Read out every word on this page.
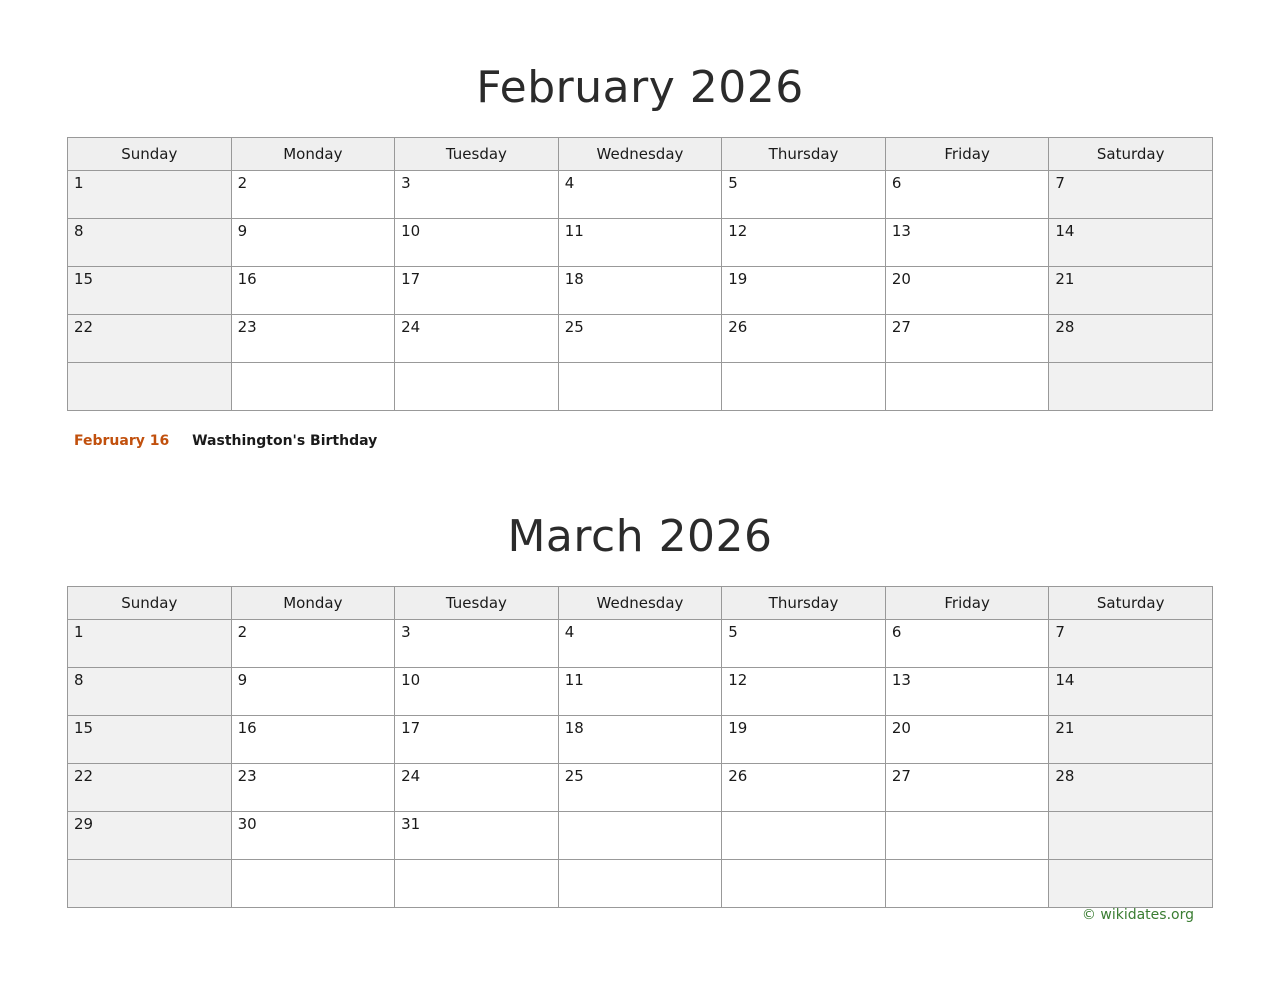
February 2026
Sunday	Monday	Tuesday	Wednesday	Thursday	Friday	Saturday
1	2	3	4	5	6	7
8	9	10	11	12	13	14
15	16	17	18	19	20	21
22	23	24	25	26	27	28

February 16 Wasthington's Birthday
March 2026
Sunday	Monday	Tuesday	Wednesday	Thursday	Friday	Saturday
1	2	3	4	5	6	7
8	9	10	11	12	13	14
15	16	17	18	19	20	21
22	23	24	25	26	27	28
29	30	31				

© wikidates.org
